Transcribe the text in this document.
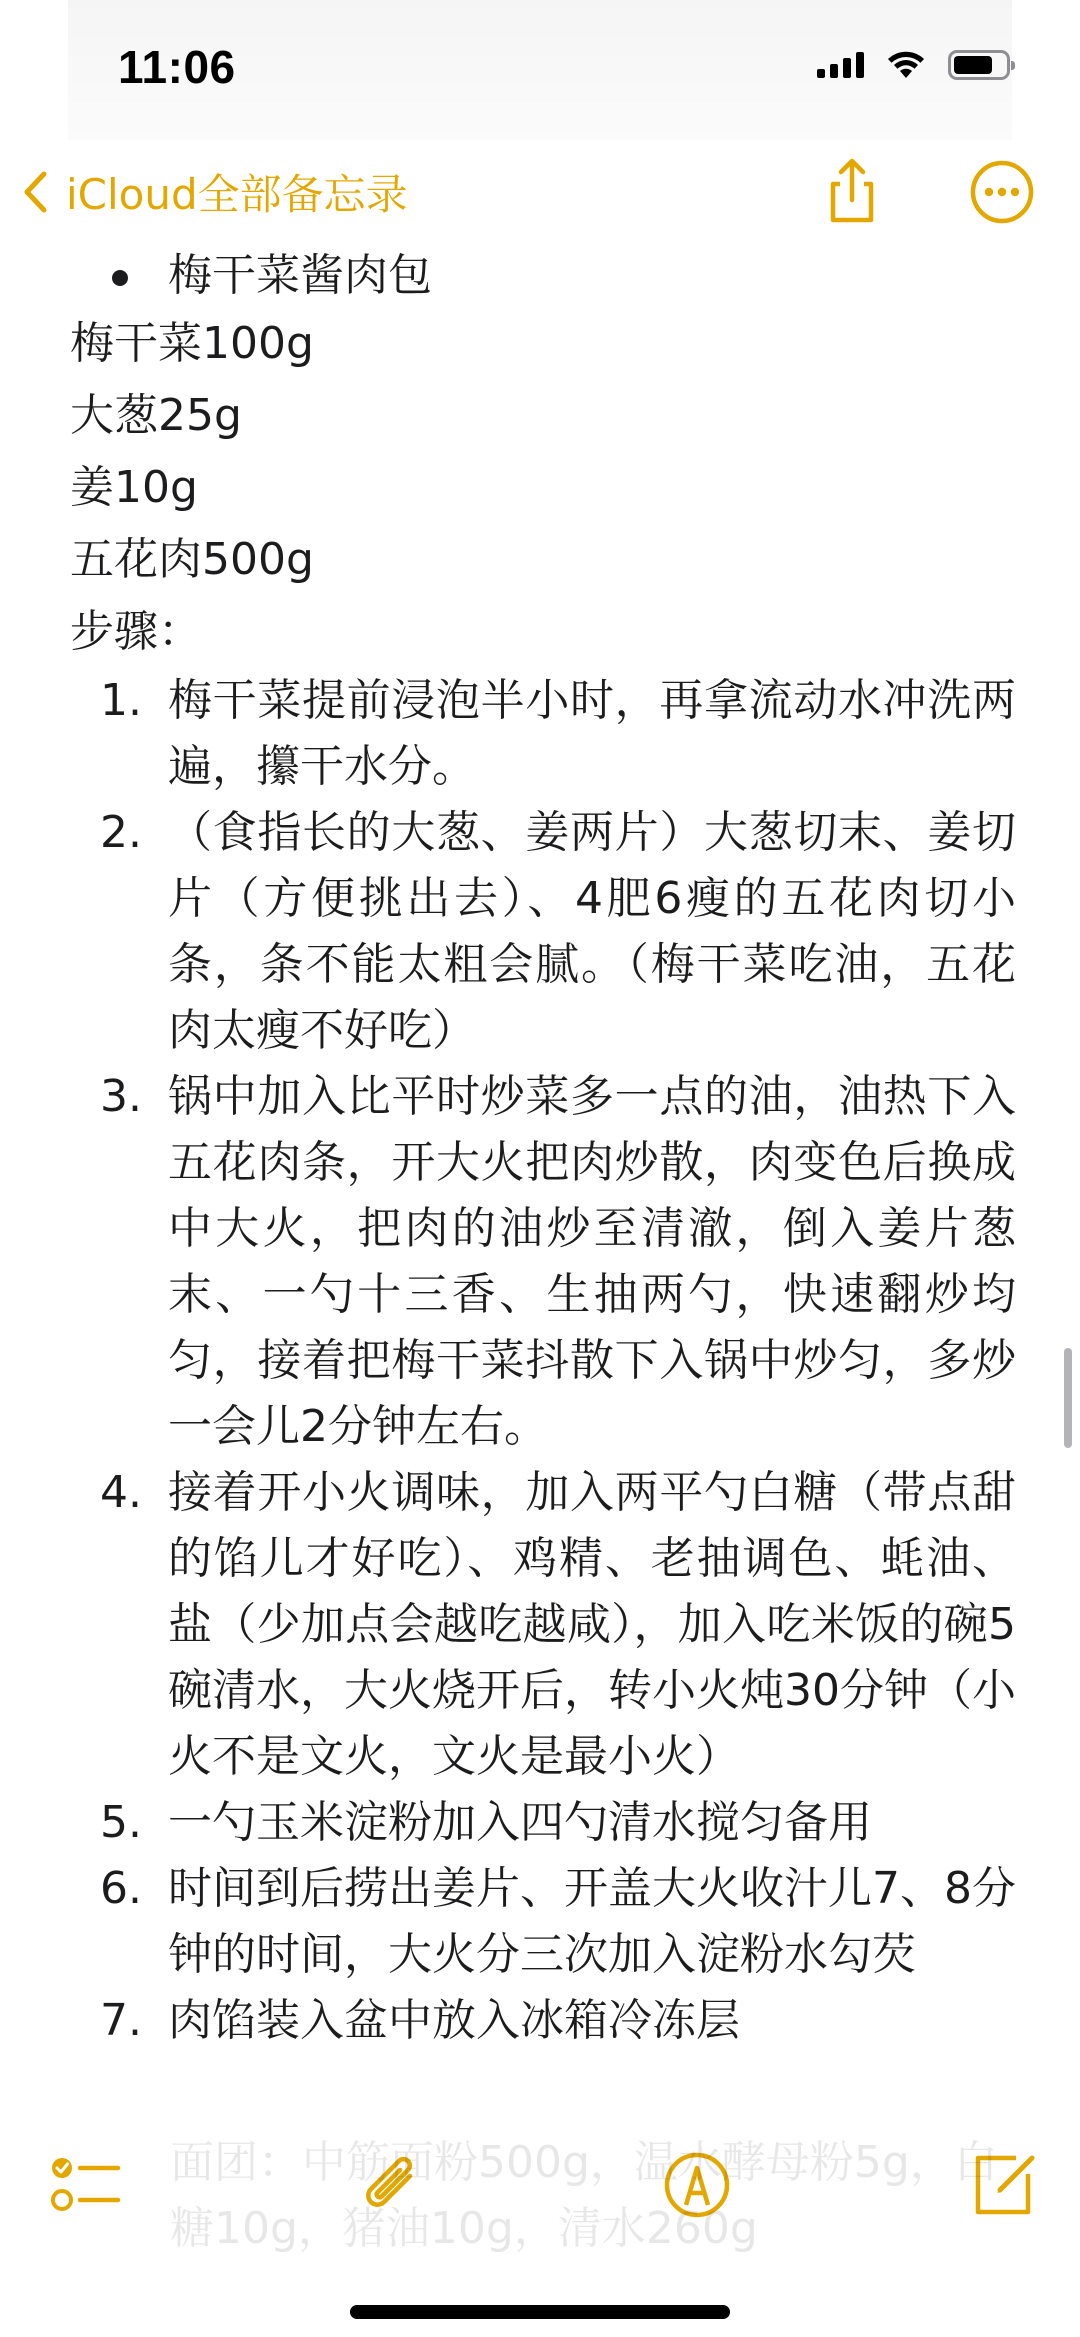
11:06
iCloud全部备忘录
梅干菜酱肉包
梅干菜100g
大葱25g
姜10g
五花肉500g
步骤：
1. 梅干菜提前浸泡半小时，再拿流动水冲洗两遍，攥干水分。
2. （食指长的大葱、姜两片）大葱切末、姜切片（方便挑出去）、4肥6瘦的五花肉切小条，条不能太粗会腻。（梅干菜吃油，五花肉太瘦不好吃）
3. 锅中加入比平时炒菜多一点的油，油热下入五花肉条，开大火把肉炒散，肉变色后换成中大火，把肉的油炒至清澈，倒入姜片葱末、一勺十三香、生抽两勺，快速翻炒均匀，接着把梅干菜抖散下入锅中炒匀，多炒一会儿2分钟左右。
4. 接着开小火调味，加入两平勺白糖（带点甜的馅儿才好吃）、鸡精、老抽调色、蚝油、盐（少加点会越吃越咸），加入吃米饭的碗5碗清水，大火烧开后，转小火炖30分钟（小火不是文火，文火是最小火）
5. 一勺玉米淀粉加入四勺清水搅匀备用
6. 时间到后捞出姜片、开盖大火收汁儿7、8分钟的时间，大火分三次加入淀粉水勾芡
7. 肉馅装入盆中放入冰箱冷冻层
面团：中筋面粉500g，温水酵母粉5g，白糖10g，猪油10g，清水260g
